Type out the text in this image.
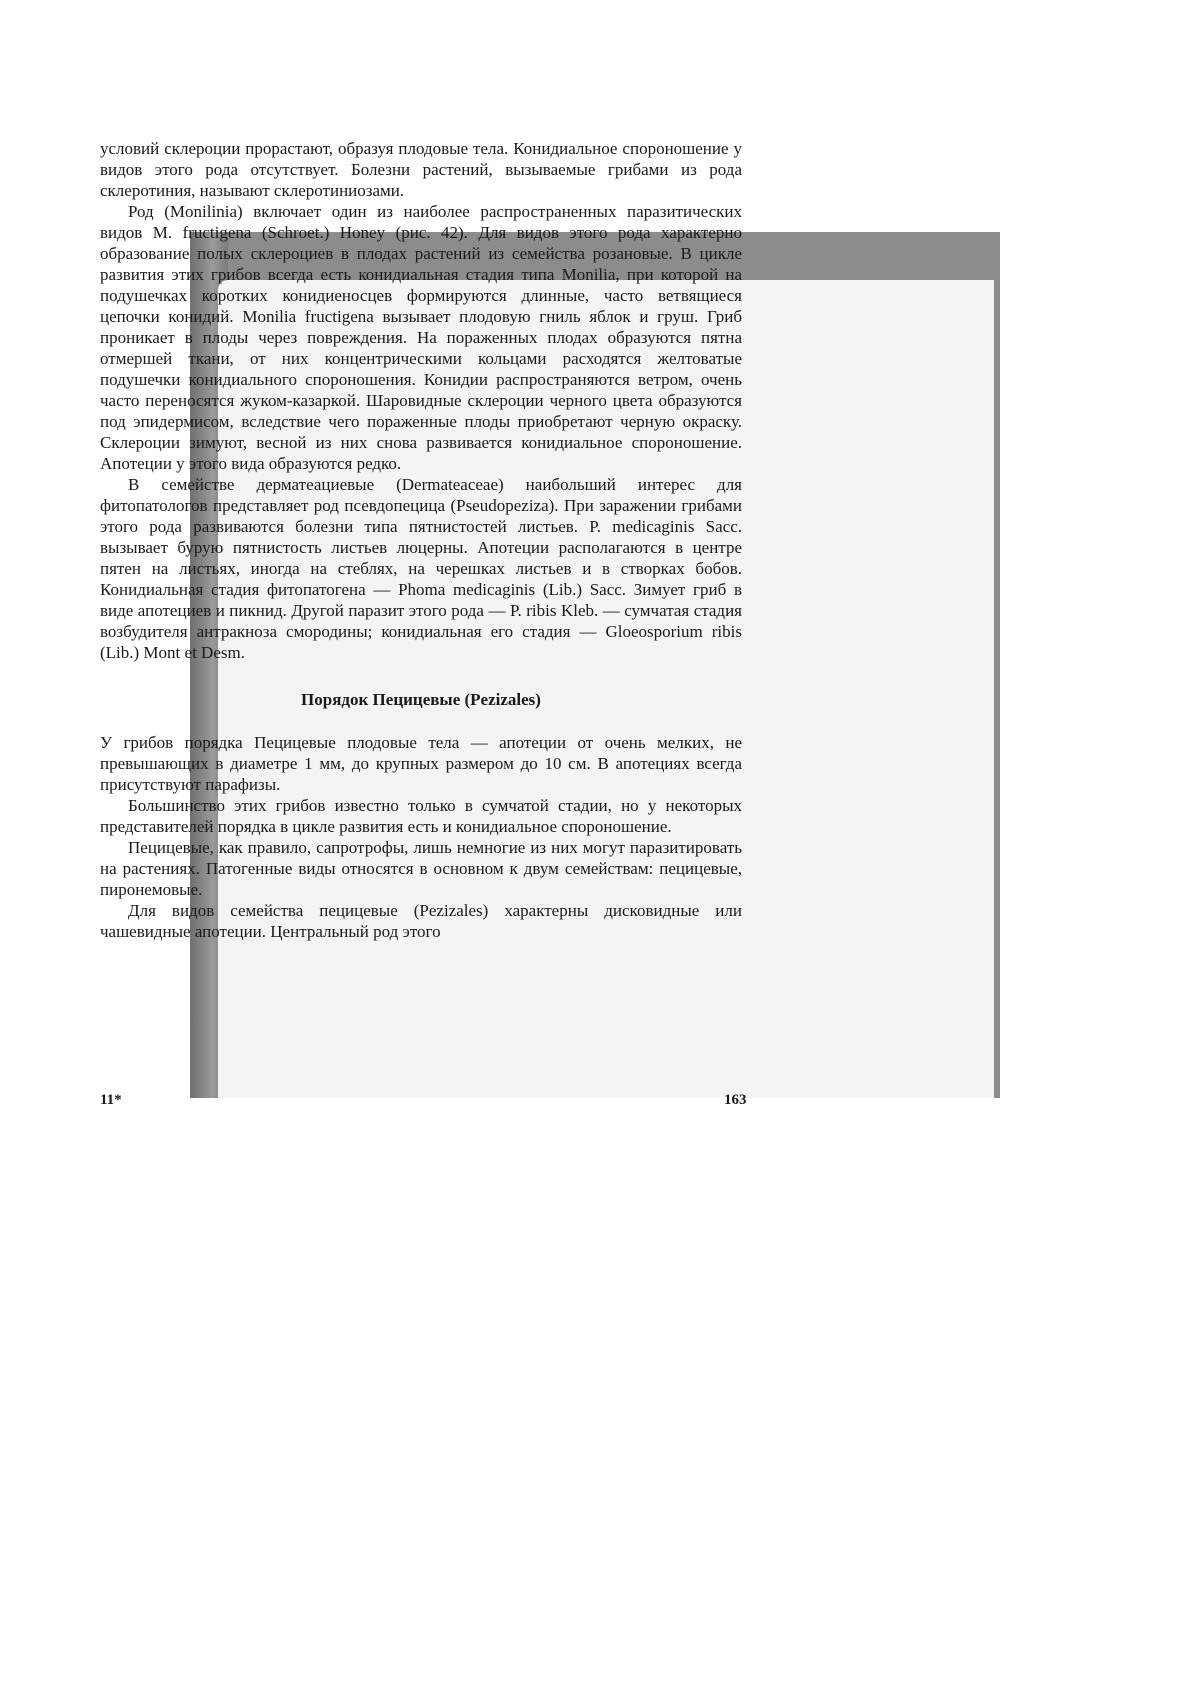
условий склероции прорастают, образуя плодовые тела. Конидиальное спороношение у видов этого рода отсутствует. Болезни растений, вызываемые грибами из рода склеротиния, называют склеротиниозами.

Род (Monilinia) включает один из наиболее распространенных паразитических видов M. fructigena (Schroet.) Honey (рис. 42). Для видов этого рода характерно образование полых склероциев в плодах растений из семейства розановые. В цикле развития этих грибов всегда есть конидиальная стадия типа Monilia, при которой на подушечках коротких конидиеносцев формируются длинные, часто ветвящиеся цепочки конидий. Monilia fructigena вызывает плодовую гниль яблок и груш. Гриб проникает в плоды через повреждения. На пораженных плодах образуются пятна отмершей ткани, от них концентрическими кольцами расходятся желтоватые подушечки конидиального спороношения. Конидии распространяются ветром, очень часто переносятся жуком-казаркой. Шаровидные склероции черного цвета образуются под эпидермисом, вследствие чего пораженные плоды приобретают черную окраску. Склероции зимуют, весной из них снова развивается конидиальное спороношение. Апотеции у этого вида образуются редко.

В семействе дерматеациевые (Dermateaceae) наибольший интерес для фитопатологов представляет род псевдопецица (Pseudopeziza). При заражении грибами этого рода развиваются болезни типа пятнистостей листьев. P. medicaginis Sacc. вызывает бурую пятнистость листьев люцерны. Апотеции располагаются в центре пятен на листьях, иногда на стеблях, на черешках листьев и в створках бобов. Конидиальная стадия фитопатогена — Phoma medicaginis (Lib.) Sacc. Зимует гриб в виде апотециев и пикнид. Другой паразит этого рода — P. ribis Kleb. — сумчатая стадия возбудителя антракноза смородины; конидиальная его стадия — Gloeosporium ribis (Lib.) Mont et Desm.

Порядок Пецицевые (Pezizales)

У грибов порядка Пецицевые плодовые тела — апотеции от очень мелких, не превышающих в диаметре 1 мм, до крупных размером до 10 см. В апотециях всегда присутствуют парафизы.

Большинство этих грибов известно только в сумчатой стадии, но у некоторых представителей порядка в цикле развития есть и конидиальное спороношение.

Пецицевые, как правило, сапротрофы, лишь немногие из них могут паразитировать на растениях. Патогенные виды относятся в основном к двум семействам: пецицевые, пиронемовые.

Для видов семейства пецицевые (Pezizales) характерны дисковидные или чашевидные апотеции. Центральный род этого

11*	163
